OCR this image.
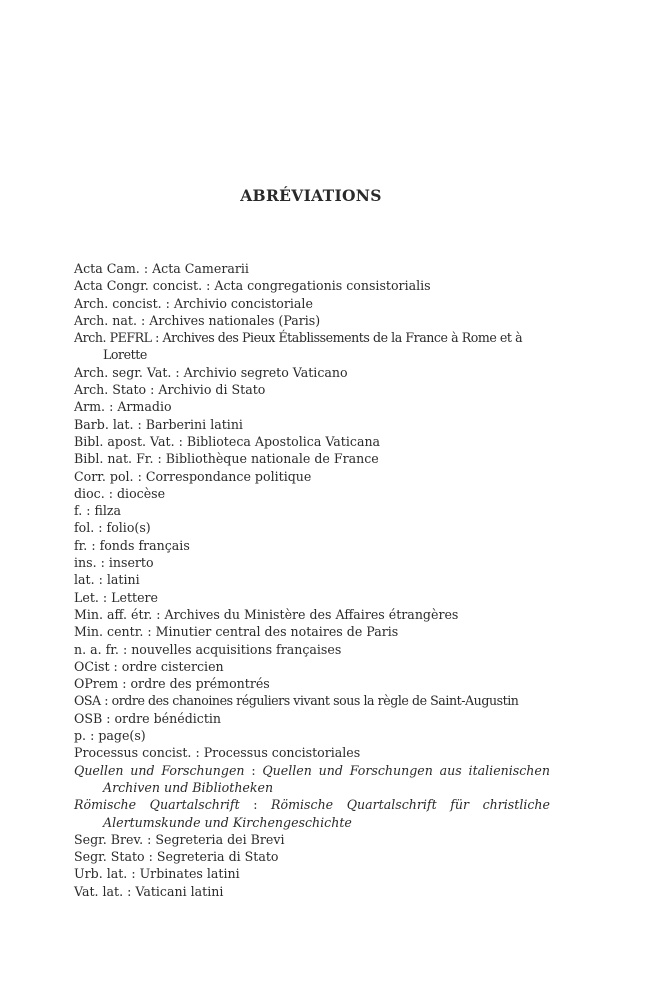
ABRÉVIATIONS
Acta Cam. : Acta Camerarii
Acta Congr. concist. : Acta congregationis consistorialis
Arch. concist. : Archivio concistoriale
Arch. nat. : Archives nationales (Paris)
Arch. PEFRL : Archives des Pieux Établissements de la France à Rome et à Lorette
Arch. segr. Vat. : Archivio segreto Vaticano
Arch. Stato : Archivio di Stato
Arm. : Armadio
Barb. lat. : Barberini latini
Bibl. apost. Vat. : Biblioteca Apostolica Vaticana
Bibl. nat. Fr. : Bibliothèque nationale de France
Corr. pol. : Correspondance politique
dioc. : diocèse
f. : filza
fol. : folio(s)
fr. : fonds français
ins. : inserto
lat. : latini
Let. : Lettere
Min. aff. étr. : Archives du Ministère des Affaires étrangères
Min. centr. : Minutier central des notaires de Paris
n. a. fr. : nouvelles acquisitions françaises
OCist : ordre cistercien
OPrem : ordre des prémontrés
OSA : ordre des chanoines réguliers vivant sous la règle de Saint-Augustin
OSB : ordre bénédictin
p. : page(s)
Processus concist. : Processus concistoriales
Quellen und Forschungen : Quellen und Forschungen aus italienischen Archiven und Bibliotheken
Römische Quartalschrift : Römische Quartalschrift für christliche Alertumskunde und Kirchengeschichte
Segr. Brev. : Segreteria dei Brevi
Segr. Stato : Segreteria di Stato
Urb. lat. : Urbinates latini
Vat. lat. : Vaticani latini
